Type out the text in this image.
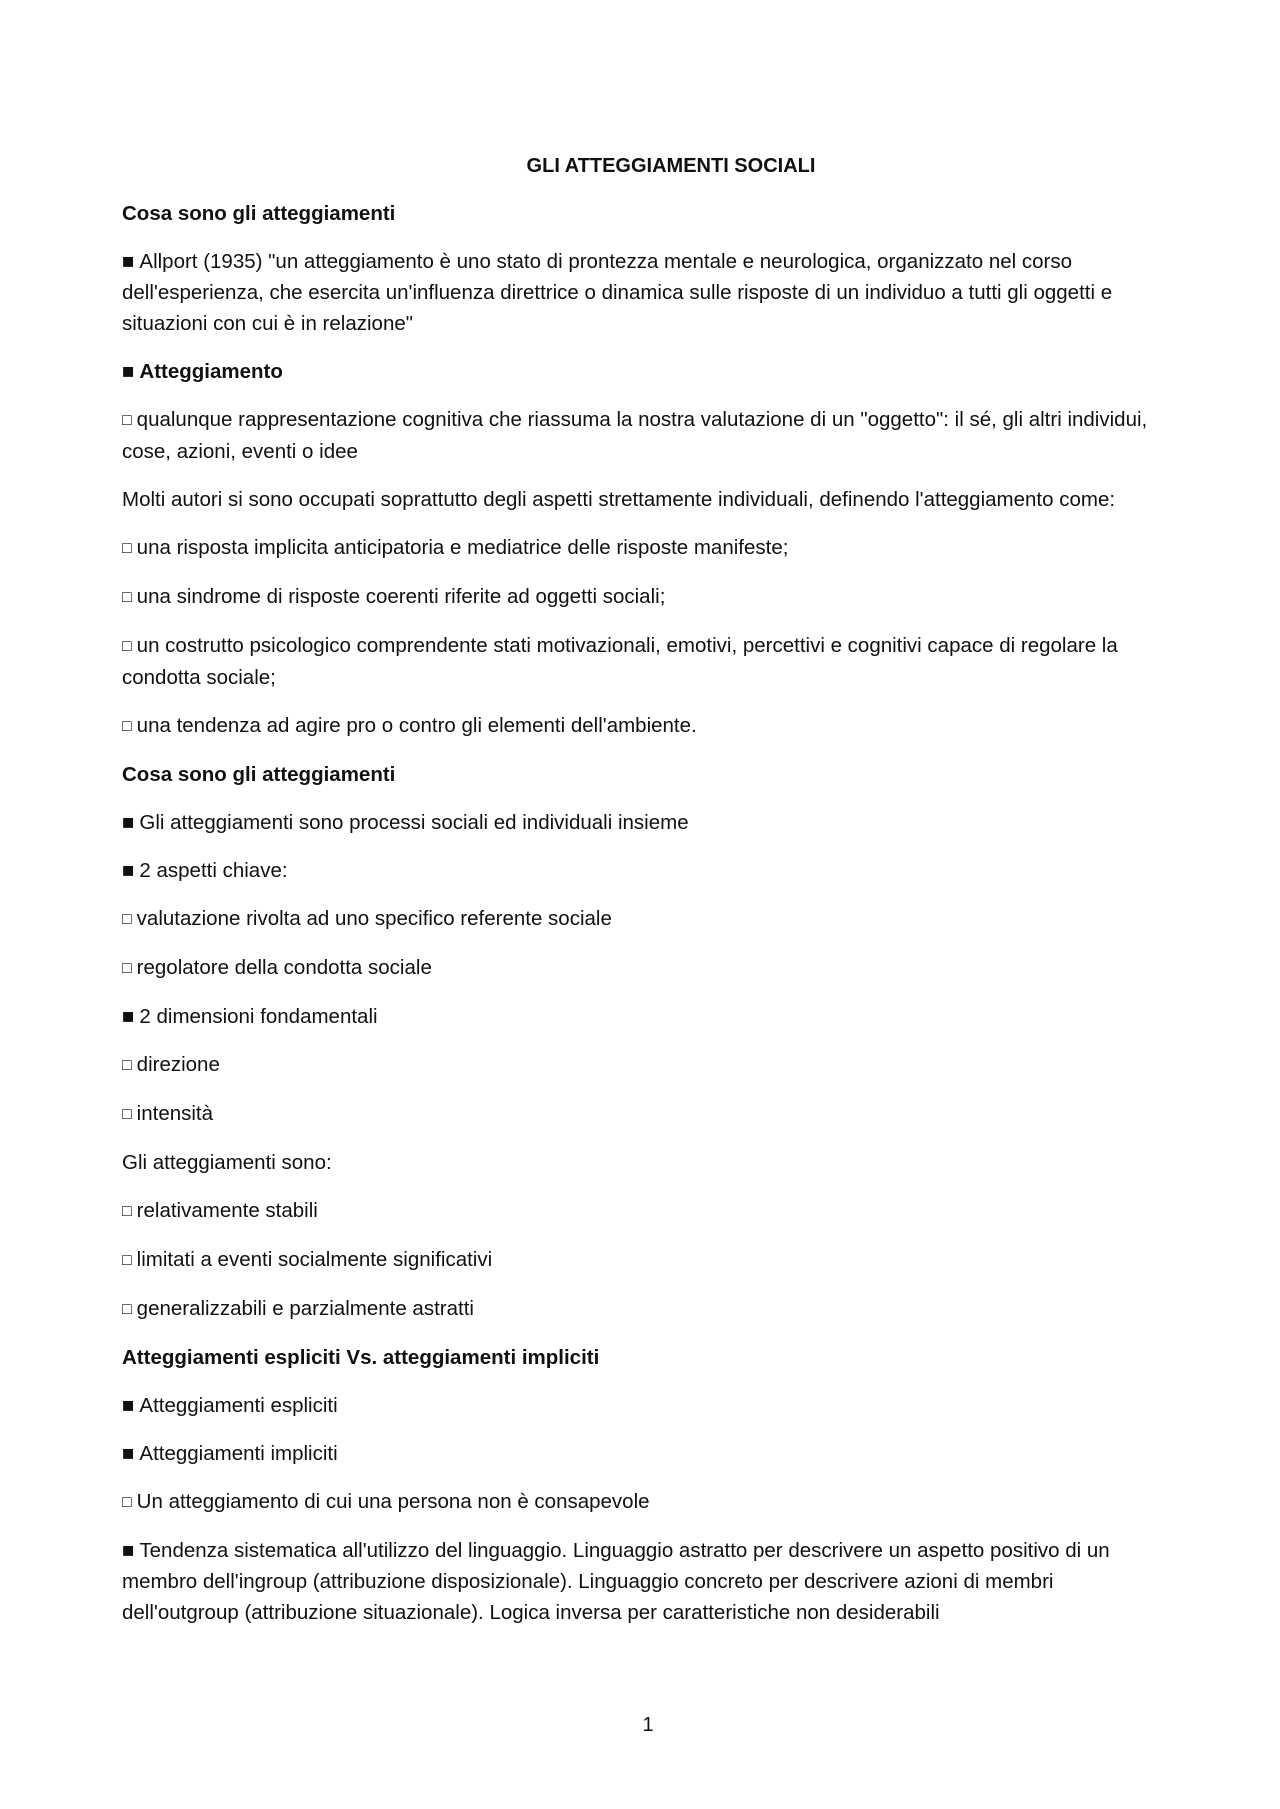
GLI ATTEGGIAMENTI SOCIALI

Cosa sono gli atteggiamenti

■ Allport (1935) "un atteggiamento è uno stato di prontezza mentale e neurologica, organizzato nel corso dell'esperienza, che esercita un'influenza direttrice o dinamica sulle risposte di un individuo a tutti gli oggetti e situazioni con cui è in relazione"

■ Atteggiamento

□ qualunque rappresentazione cognitiva che riassuma la nostra valutazione di un "oggetto": il sé, gli altri individui, cose, azioni, eventi o idee

Molti autori si sono occupati soprattutto degli aspetti strettamente individuali, definendo l'atteggiamento come:

□ una risposta implicita anticipatoria e mediatrice delle risposte manifeste;

□ una sindrome di risposte coerenti riferite ad oggetti sociali;

□ un costrutto psicologico comprendente stati motivazionali, emotivi, percettivi e cognitivi capace di regolare la condotta sociale;

□ una tendenza ad agire pro o contro gli elementi dell'ambiente.

Cosa sono gli atteggiamenti

■ Gli atteggiamenti sono processi sociali ed individuali insieme

■ 2 aspetti chiave:

□ valutazione rivolta ad uno specifico referente sociale

□ regolatore della condotta sociale

■ 2 dimensioni fondamentali

□ direzione

□ intensità

Gli atteggiamenti sono:

□ relativamente stabili

□ limitati a eventi socialmente significativi

□ generalizzabili e parzialmente astratti

Atteggiamenti espliciti Vs. atteggiamenti impliciti

■ Atteggiamenti espliciti

■ Atteggiamenti impliciti

□ Un atteggiamento di cui una persona non è consapevole

■ Tendenza sistematica all'utilizzo del linguaggio. Linguaggio astratto per descrivere un aspetto positivo di un membro dell'ingroup (attribuzione disposizionale). Linguaggio concreto per descrivere azioni di membri dell'outgroup (attribuzione situazionale). Logica inversa per caratteristiche non desiderabili

1
